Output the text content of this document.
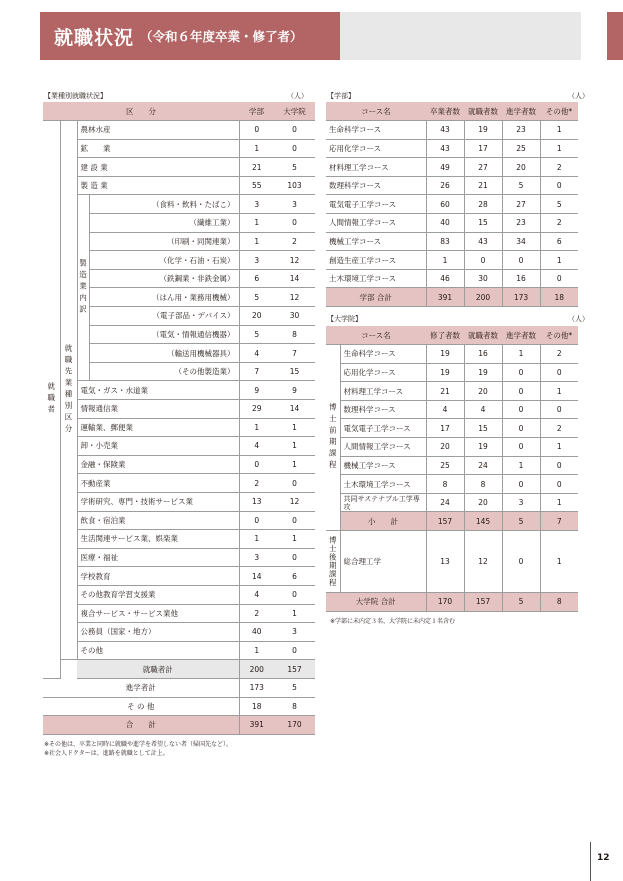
就職状況 （令和６年度卒業・修了者）
【業種別就職状況】	（人）
区　　分				学部	大学院
就職者	就職先業種別区分	農林水産		0	0
		鉱　　業		1	0
		建 設 業		21	5
		製 造 業		55	103
		製造業内訳	（食料・飲料・たばこ）	3	3
			（繊維工業）	1	0
			（印刷・同関連業）	1	2
			（化学・石油・石炭）	3	12
			（鉄鋼業・非鉄金属）	6	14
			（はん用・業務用機械）	5	12
			（電子部品・デバイス）	20	30
			（電気・情報通信機器）	5	8
			（輸送用機械器具）	4	7
			（その他製造業）	7	15
		電気・ガス・水道業		9	9
		情報通信業		29	14
		運輸業、郵便業		1	1
		卸・小売業		4	1
		金融・保険業		0	1
		不動産業		2	0
		学術研究、専門・技術サービス業		13	12
		飲食・宿泊業		0	0
		生活関連サービス業、娯楽業		1	1
		医療・福祉		3	0
		学校教育		14	6
		その他教育学習支援業		4	0
		複合サービス・サービス業他		2	1
		公務員（国家・地方）		40	3
		その他		1	0
		就職者計		200	157
進学者計				173	5
そ の 他				18	8
合　　計				391	170
※その他は、卒業と同時に就職や進学を希望しない者（帰国先など）。
※社会人ドクターは、進路を就職として計上。
【学部】	（人）
コース名	卒業者数	就職者数	進学者数	その他*
生命科学コース	43	19	23	1
応用化学コース	43	17	25	1
材料理工学コース	49	27	20	2
数理科学コース	26	21	5	0
電気電子工学コース	60	28	27	5
人間情報工学コース	40	15	23	2
機械工学コース	83	43	34	6
創造生産工学コース	1	0	0	1
土木環境工学コース	46	30	16	0
学部 合計	391	200	173	18
【大学院】	（人）
コース名		修了者数	就職者数	進学者数	その他*
博士前期課程	生命科学コース	19	16	1	2
	応用化学コース	19	19	0	0
	材料理工学コース	21	20	0	1
	数理科学コース	4	4	0	0
	電気電子工学コース	17	15	0	2
	人間情報工学コース	20	19	0	1
	機械工学コース	25	24	1	0
	土木環境工学コース	8	8	0	0
	共同サステナブル工学専攻	24	20	3	1
	小　　計	157	145	5	7
博士後期課程	総合理工学	13	12	0	1
大学院 合計		170	157	5	8
※学部に未内定３名、大学院に未内定１名含む
12
